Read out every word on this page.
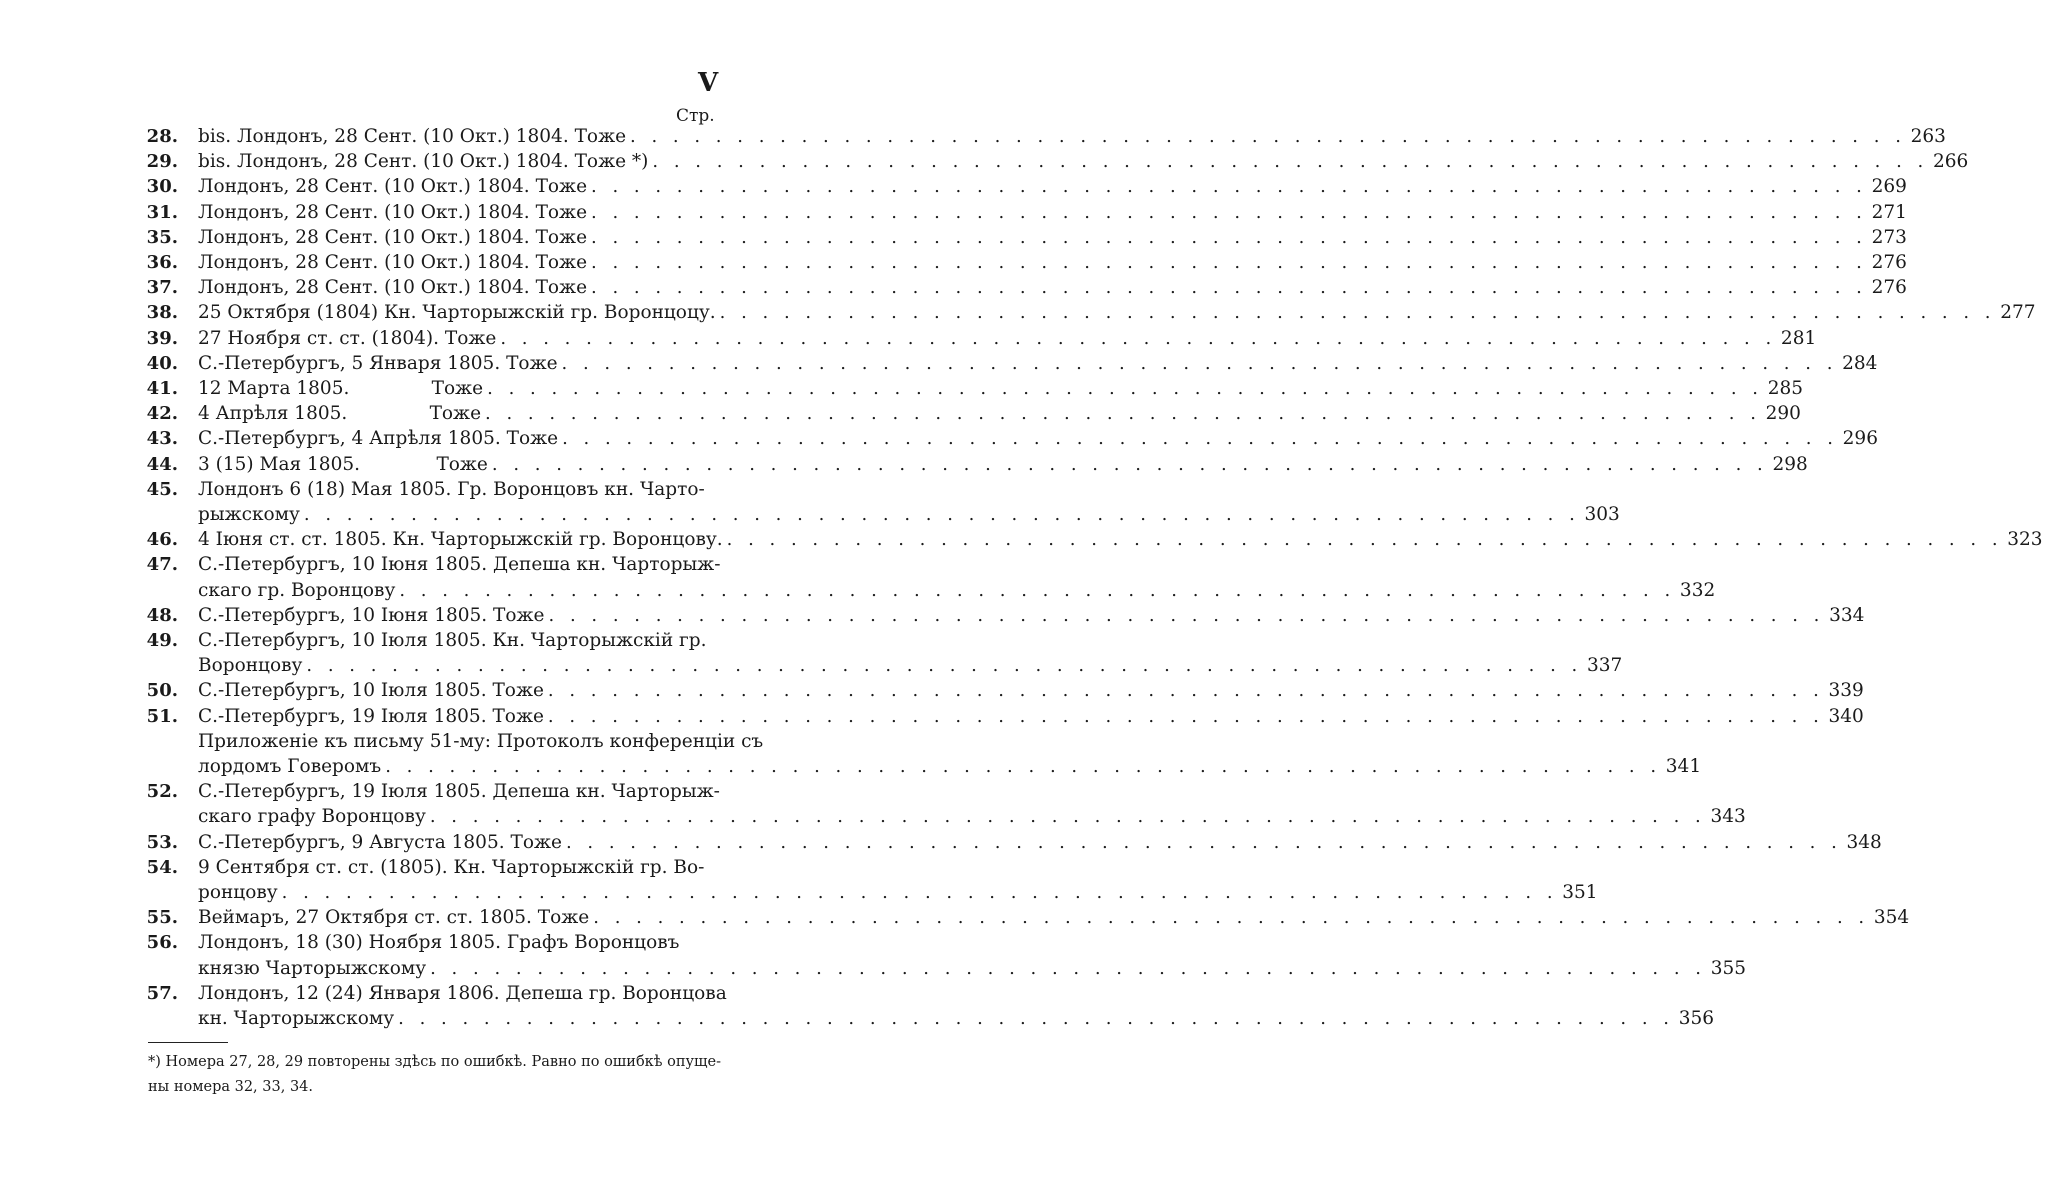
V
Стр.
28. bis. Лондонъ, 28 Сент. (10 Окт.) 1804. Тоже . . . . . . . . . . . . . . . . . . . . . . . . . . . . . . . . . . . . . . . . . . . . . . . . . . . . . . . . . . . . 263
29. bis. Лондонъ, 28 Сент. (10 Окт.) 1804. Тоже *) . . . . . . . . . . . . . . . . . . . . . . . . . . . . . . . . . . . . . . . . . . . . . . . . . . . . . . . . . . . . 266
30. Лондонъ, 28 Сент. (10 Окт.) 1804. Тоже . . . . . . . . . . . . . . . . . . . . . . . . . . . . . . . . . . . . . . . . . . . . . . . . . . . . . . . . . . . . 269
31. Лондонъ, 28 Сент. (10 Окт.) 1804. Тоже . . . . . . . . . . . . . . . . . . . . . . . . . . . . . . . . . . . . . . . . . . . . . . . . . . . . . . . . . . . . 271
35. Лондонъ, 28 Сент. (10 Окт.) 1804. Тоже . . . . . . . . . . . . . . . . . . . . . . . . . . . . . . . . . . . . . . . . . . . . . . . . . . . . . . . . . . . . 273
36. Лондонъ, 28 Сент. (10 Окт.) 1804. Тоже . . . . . . . . . . . . . . . . . . . . . . . . . . . . . . . . . . . . . . . . . . . . . . . . . . . . . . . . . . . . 276
37. Лондонъ, 28 Сент. (10 Окт.) 1804. Тоже . . . . . . . . . . . . . . . . . . . . . . . . . . . . . . . . . . . . . . . . . . . . . . . . . . . . . . . . . . . . 276
38. 25 Октября (1804) Кн. Чарторыжскій гр. Воронцоцу. . . . . . . . . . . . . . . . . . . . . . . . . . . . . . . . . . . . . . . . . . . . . . . . . . . . . . . . . . . . . 277
39. 27 Ноября ст. ст. (1804). Тоже . . . . . . . . . . . . . . . . . . . . . . . . . . . . . . . . . . . . . . . . . . . . . . . . . . . . . . . . . . . . 281
40. С.-Петербургъ, 5 Января 1805. Тоже . . . . . . . . . . . . . . . . . . . . . . . . . . . . . . . . . . . . . . . . . . . . . . . . . . . . . . . . . . . . 284
41. 12 Марта 1805.              Тоже . . . . . . . . . . . . . . . . . . . . . . . . . . . . . . . . . . . . . . . . . . . . . . . . . . . . . . . . . . . . 285
42. 4 Апрѣля 1805.              Тоже . . . . . . . . . . . . . . . . . . . . . . . . . . . . . . . . . . . . . . . . . . . . . . . . . . . . . . . . . . . . 290
43. С.-Петербургъ, 4 Апрѣля 1805. Тоже . . . . . . . . . . . . . . . . . . . . . . . . . . . . . . . . . . . . . . . . . . . . . . . . . . . . . . . . . . . . 296
44. 3 (15) Мая 1805.             Тоже . . . . . . . . . . . . . . . . . . . . . . . . . . . . . . . . . . . . . . . . . . . . . . . . . . . . . . . . . . . . 298
45. Лондонъ 6 (18) Мая 1805. Гр. Воронцовъ кн. Чарто-
рыжскому . . . . . . . . . . . . . . . . . . . . . . . . . . . . . . . . . . . . . . . . . . . . . . . . . . . . . . . . . . . . 303
46. 4 Іюня ст. ст. 1805. Кн. Чарторыжскій гр. Воронцову. . . . . . . . . . . . . . . . . . . . . . . . . . . . . . . . . . . . . . . . . . . . . . . . . . . . . . . . . . . . . 323
47. С.-Петербургъ, 10 Іюня 1805. Депеша кн. Чарторыж-
скаго гр. Воронцову . . . . . . . . . . . . . . . . . . . . . . . . . . . . . . . . . . . . . . . . . . . . . . . . . . . . . . . . . . . . 332
48. С.-Петербургъ, 10 Іюня 1805. Тоже . . . . . . . . . . . . . . . . . . . . . . . . . . . . . . . . . . . . . . . . . . . . . . . . . . . . . . . . . . . . 334
49. С.-Петербургъ, 10 Іюля 1805. Кн. Чарторыжскій гр.
Воронцову . . . . . . . . . . . . . . . . . . . . . . . . . . . . . . . . . . . . . . . . . . . . . . . . . . . . . . . . . . . . 337
50. С.-Петербургъ, 10 Іюля 1805. Тоже . . . . . . . . . . . . . . . . . . . . . . . . . . . . . . . . . . . . . . . . . . . . . . . . . . . . . . . . . . . . 339
51. С.-Петербургъ, 19 Іюля 1805. Тоже . . . . . . . . . . . . . . . . . . . . . . . . . . . . . . . . . . . . . . . . . . . . . . . . . . . . . . . . . . . . 340
Приложеніе къ письму 51-му: Протоколъ конференціи съ
лордомъ Говеромъ . . . . . . . . . . . . . . . . . . . . . . . . . . . . . . . . . . . . . . . . . . . . . . . . . . . . . . . . . . . . 341
52. С.-Петербургъ, 19 Іюля 1805. Депеша кн. Чарторыж-
скаго графу Воронцову . . . . . . . . . . . . . . . . . . . . . . . . . . . . . . . . . . . . . . . . . . . . . . . . . . . . . . . . . . . . 343
53. С.-Петербургъ, 9 Августа 1805. Тоже . . . . . . . . . . . . . . . . . . . . . . . . . . . . . . . . . . . . . . . . . . . . . . . . . . . . . . . . . . . . 348
54. 9 Сентября ст. ст. (1805). Кн. Чарторыжскій гр. Во-
ронцову . . . . . . . . . . . . . . . . . . . . . . . . . . . . . . . . . . . . . . . . . . . . . . . . . . . . . . . . . . . . 351
55. Веймаръ, 27 Октября ст. ст. 1805. Тоже . . . . . . . . . . . . . . . . . . . . . . . . . . . . . . . . . . . . . . . . . . . . . . . . . . . . . . . . . . . . 354
56. Лондонъ, 18 (30) Ноября 1805. Графъ Воронцовъ
князю Чарторыжскому . . . . . . . . . . . . . . . . . . . . . . . . . . . . . . . . . . . . . . . . . . . . . . . . . . . . . . . . . . . . 355
57. Лондонъ, 12 (24) Января 1806. Депеша гр. Воронцова
кн. Чарторыжскому . . . . . . . . . . . . . . . . . . . . . . . . . . . . . . . . . . . . . . . . . . . . . . . . . . . . . . . . . . . . 356
*) Номера 27, 28, 29 повторены здѣсь по ошибкѣ. Равно по ошибкѣ опуще-
ны номера 32, 33, 34.
